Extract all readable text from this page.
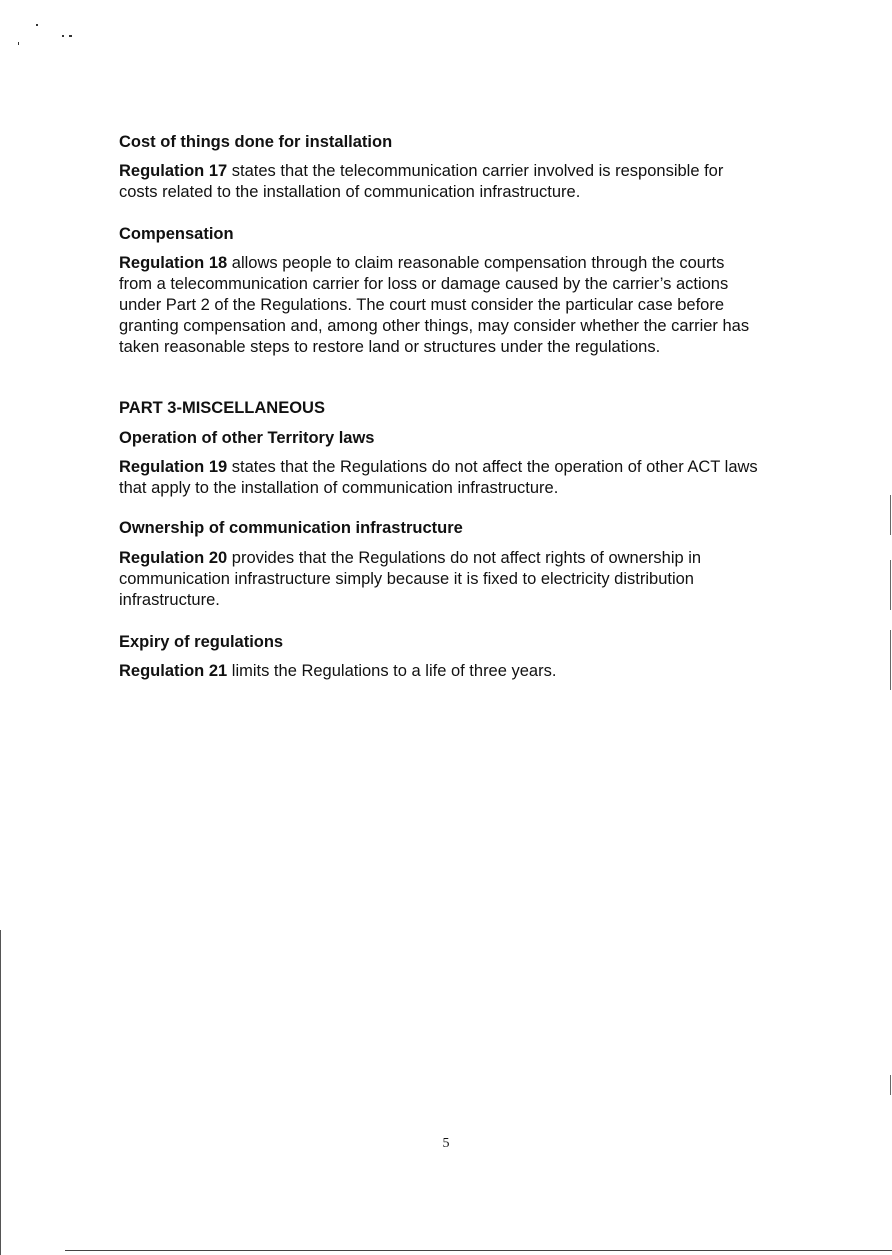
Cost of things done for installation

Regulation 17 states that the telecommunication carrier involved is responsible for costs related to the installation of communication infrastructure.

Compensation

Regulation 18 allows people to claim reasonable compensation through the courts from a telecommunication carrier for loss or damage caused by the carrier’s actions under Part 2 of the Regulations. The court must consider the particular case before granting compensation and, among other things, may consider whether the carrier has taken reasonable steps to restore land or structures under the regulations.

PART 3-MISCELLANEOUS

Operation of other Territory laws

Regulation 19 states that the Regulations do not affect the operation of other ACT laws that apply to the installation of communication infrastructure.

Ownership of communication infrastructure

Regulation 20 provides that the Regulations do not affect rights of ownership in communication infrastructure simply because it is fixed to electricity distribution infrastructure.

Expiry of regulations

Regulation 21 limits the Regulations to a life of three years.

5
